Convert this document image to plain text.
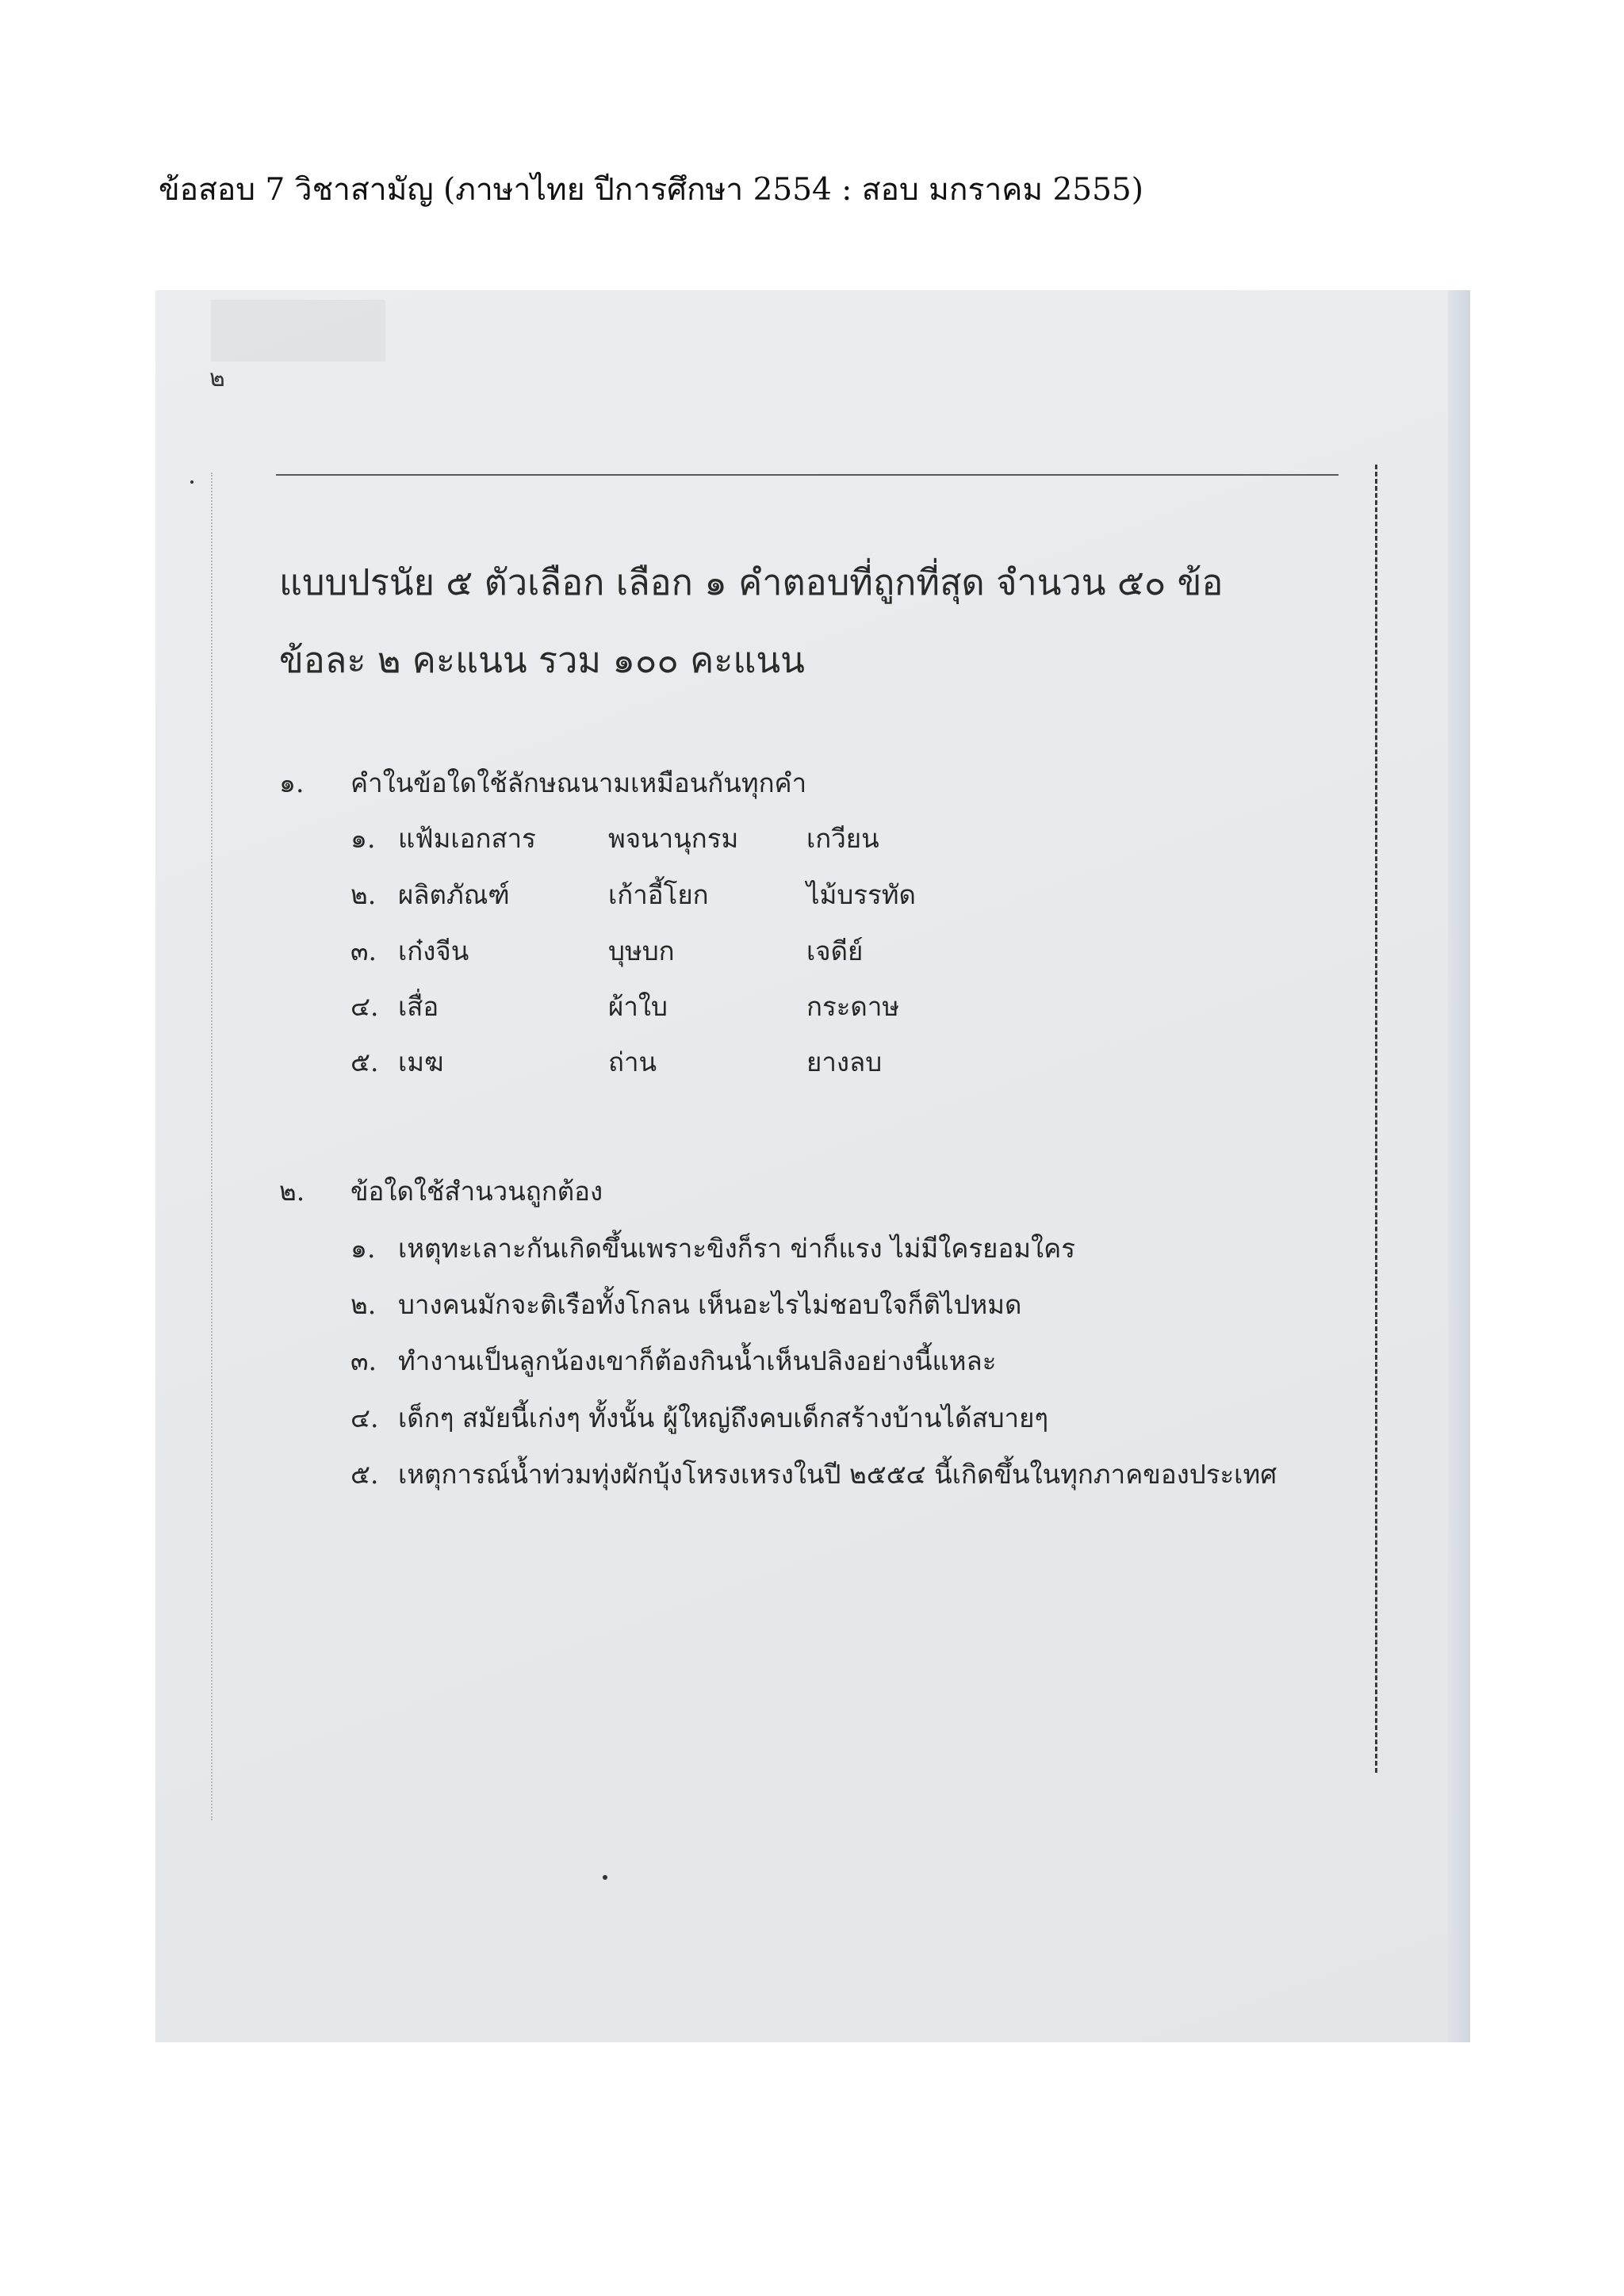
ข้อสอบ 7 วิชาสามัญ (ภาษาไทย ปีการศึกษา 2554 : สอบ มกราคม 2555)
๒
แบบปรนัย ๕ ตัวเลือก เลือก ๑ คำตอบที่ถูกที่สุด จำนวน ๕๐ ข้อ
ข้อละ ๒ คะแนน รวม ๑๐๐ คะแนน
๑. คำในข้อใดใช้ลักษณนามเหมือนกันทุกคำ
๑. แฟ้มเอกสาร	พจนานุกรม	เกวียน
๒. ผลิตภัณฑ์	เก้าอี้โยก	ไม้บรรทัด
๓. เก๋งจีน	บุษบก	เจดีย์
๔. เสื่อ	ผ้าใบ	กระดาษ
๕. เมฆ	ถ่าน	ยางลบ
๒. ข้อใดใช้สำนวนถูกต้อง
๑. เหตุทะเลาะกันเกิดขึ้นเพราะขิงก็รา ข่าก็แรง ไม่มีใครยอมใคร
๒. บางคนมักจะติเรือทั้งโกลน เห็นอะไรไม่ชอบใจก็ติไปหมด
๓. ทำงานเป็นลูกน้องเขาก็ต้องกินน้ำเห็นปลิงอย่างนี้แหละ
๔. เด็กๆ สมัยนี้เก่งๆ ทั้งนั้น ผู้ใหญ่ถึงคบเด็กสร้างบ้านได้สบายๆ
๕. เหตุการณ์น้ำท่วมทุ่งผักบุ้งโหรงเหรงในปี ๒๕๕๔ นี้เกิดขึ้นในทุกภาคของประเทศ
